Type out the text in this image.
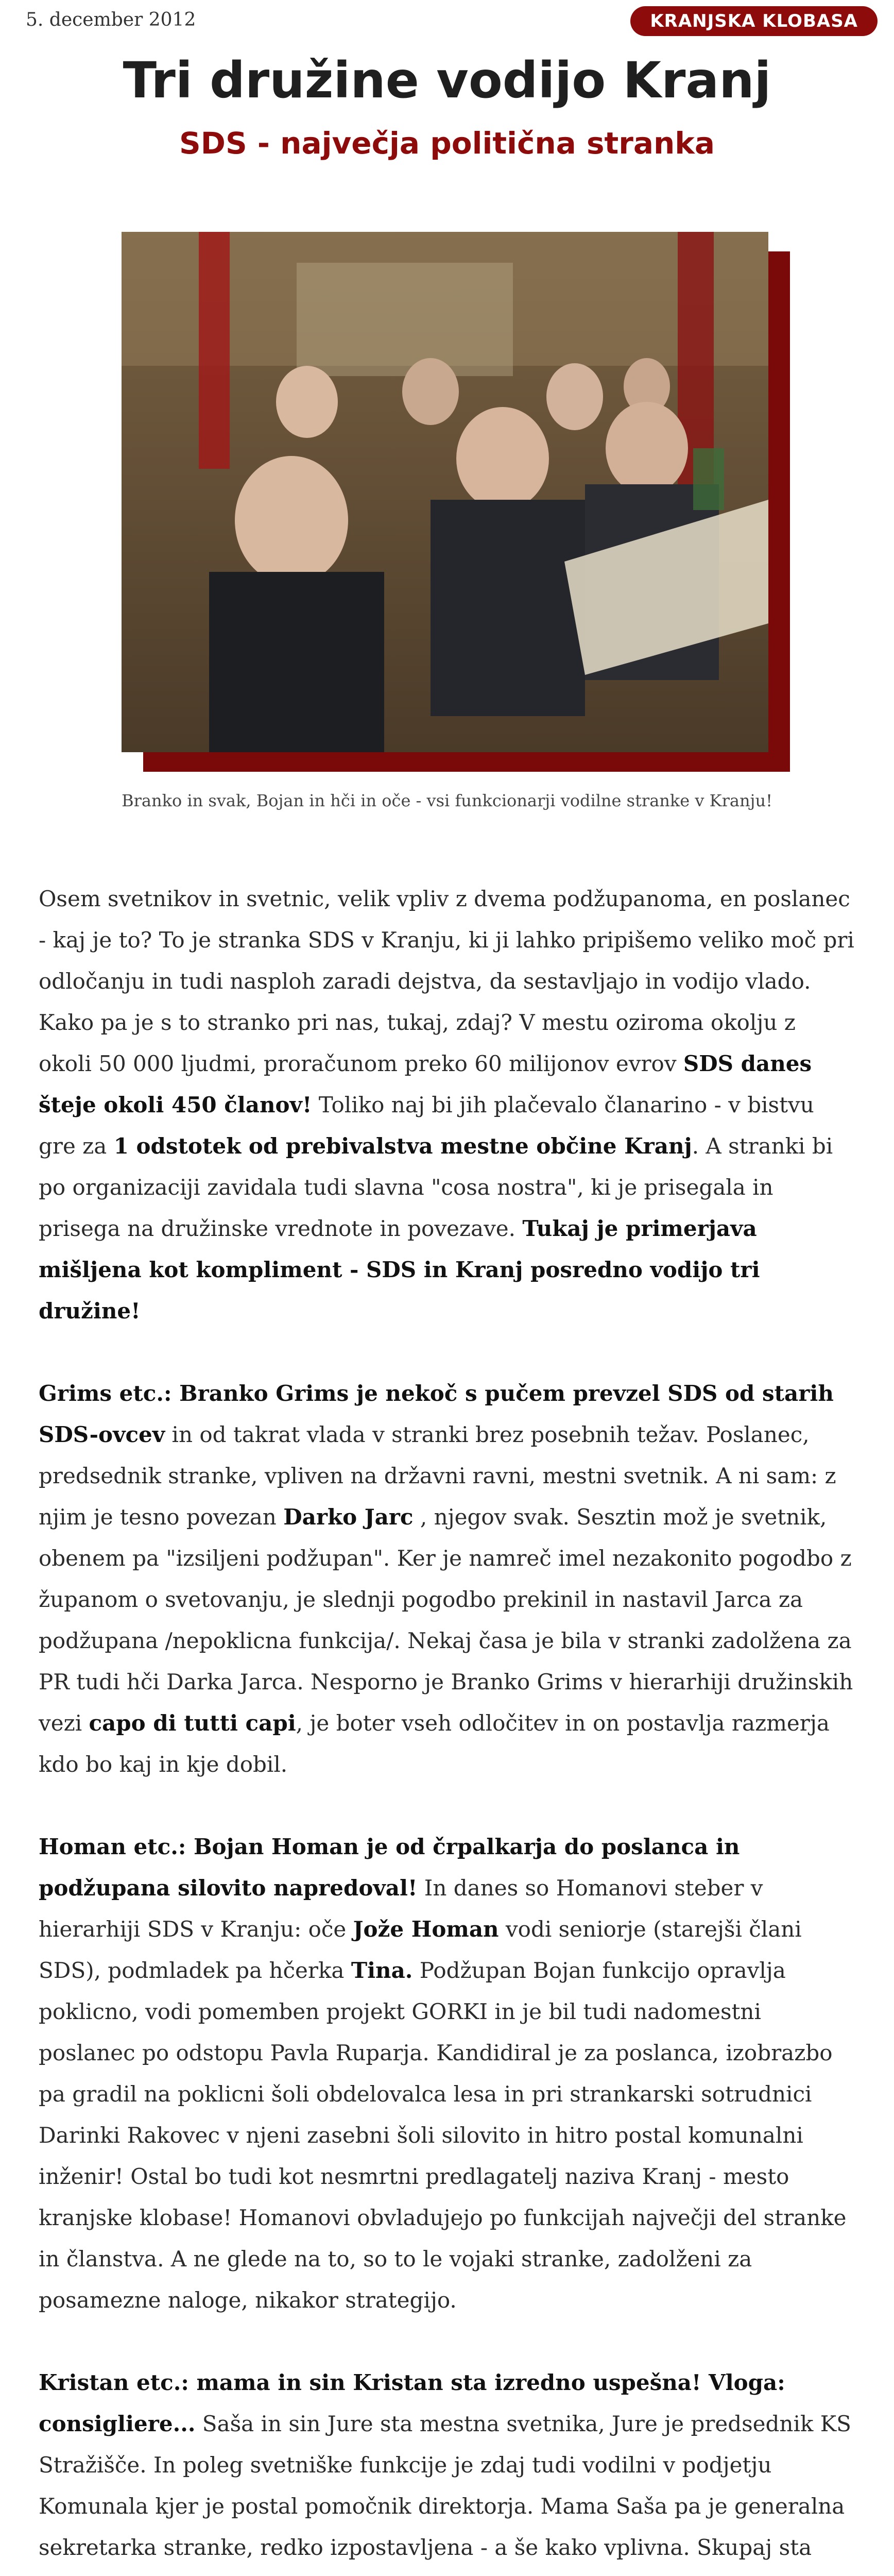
5. december 2012	KRANJSKA KLOBASA
Tri družine vodijo Kranj
SDS - največja politična stranka
Branko in svak, Bojan in hči in oče - vsi funkcionarji vodilne stranke v Kranju!

Osem svetnikov in svetnic, velik vpliv z dvema podžupanoma, en poslanec - kaj je to? To je stranka SDS v Kranju, ki ji lahko pripišemo veliko moč pri odločanju in tudi nasploh zaradi dejstva, da sestavljajo in vodijo vlado. Kako pa je s to stranko pri nas, tukaj, zdaj? V mestu oziroma okolju z okoli 50 000 ljudmi, proračunom preko 60 milijonov evrov SDS danes šteje okoli 450 članov! Toliko naj bi jih plačevalo članarino - v bistvu gre za 1 odstotek od prebivalstva mestne občine Kranj. A stranki bi po organizaciji zavidala tudi slavna "cosa nostra", ki je prisegala in prisega na družinske vrednote in povezave. Tukaj je primerjava mišljena kot kompliment - SDS in Kranj posredno vodijo tri družine!

Grims etc.: Branko Grims je nekoč s pučem prevzel SDS od starih SDS-ovcev in od takrat vlada v stranki brez posebnih težav. Poslanec, predsednik stranke, vpliven na državni ravni, mestni svetnik. A ni sam: z njim je tesno povezan Darko Jarc , njegov svak. Sesztin mož je svetnik, obenem pa "izsiljeni podžupan". Ker je namreč imel nezakonito pogodbo z županom o svetovanju, je slednji pogodbo prekinil in nastavil Jarca za podžupana /nepoklicna funkcija/. Nekaj časa je bila v stranki zadolžena za PR tudi hči Darka Jarca. Nesporno je Branko Grims v hierarhiji družinskih vezi capo di tutti capi, je boter vseh odločitev in on postavlja razmerja kdo bo kaj in kje dobil.

Homan etc.: Bojan Homan je od črpalkarja do poslanca in podžupana silovito napredoval! In danes so Homanovi steber v hierarhiji SDS v Kranju: oče Jože Homan vodi seniorje (starejši člani SDS), podmladek pa hčerka Tina. Podžupan Bojan funkcijo opravlja poklicno, vodi pomemben projekt GORKI in je bil tudi nadomestni poslanec po odstopu Pavla Ruparja. Kandidiral je za poslanca, izobrazbo pa gradil na poklicni šoli obdelovalca lesa in pri strankarski sotrudnici Darinki Rakovec v njeni zasebni šoli silovito in hitro postal komunalni inženir! Ostal bo tudi kot nesmrtni predlagatelj naziva Kranj - mesto kranjske klobase! Homanovi obvladujejo po funkcijah največji del stranke in članstva. A ne glede na to, so to le vojaki stranke, zadolženi za posamezne naloge, nikakor strategijo.

Kristan etc.: mama in sin Kristan sta izredno uspešna! Vloga: consigliere... Saša in sin Jure sta mestna svetnika, Jure je predsednik KS Stražišče. In poleg svetniške funkcije je zdaj tudi vodilni v podjetju Komunala kjer je postal pomočnik direktorja. Mama Saša pa je generalna sekretarka stranke, redko izpostavljena - a še kako vplivna. Skupaj sta
